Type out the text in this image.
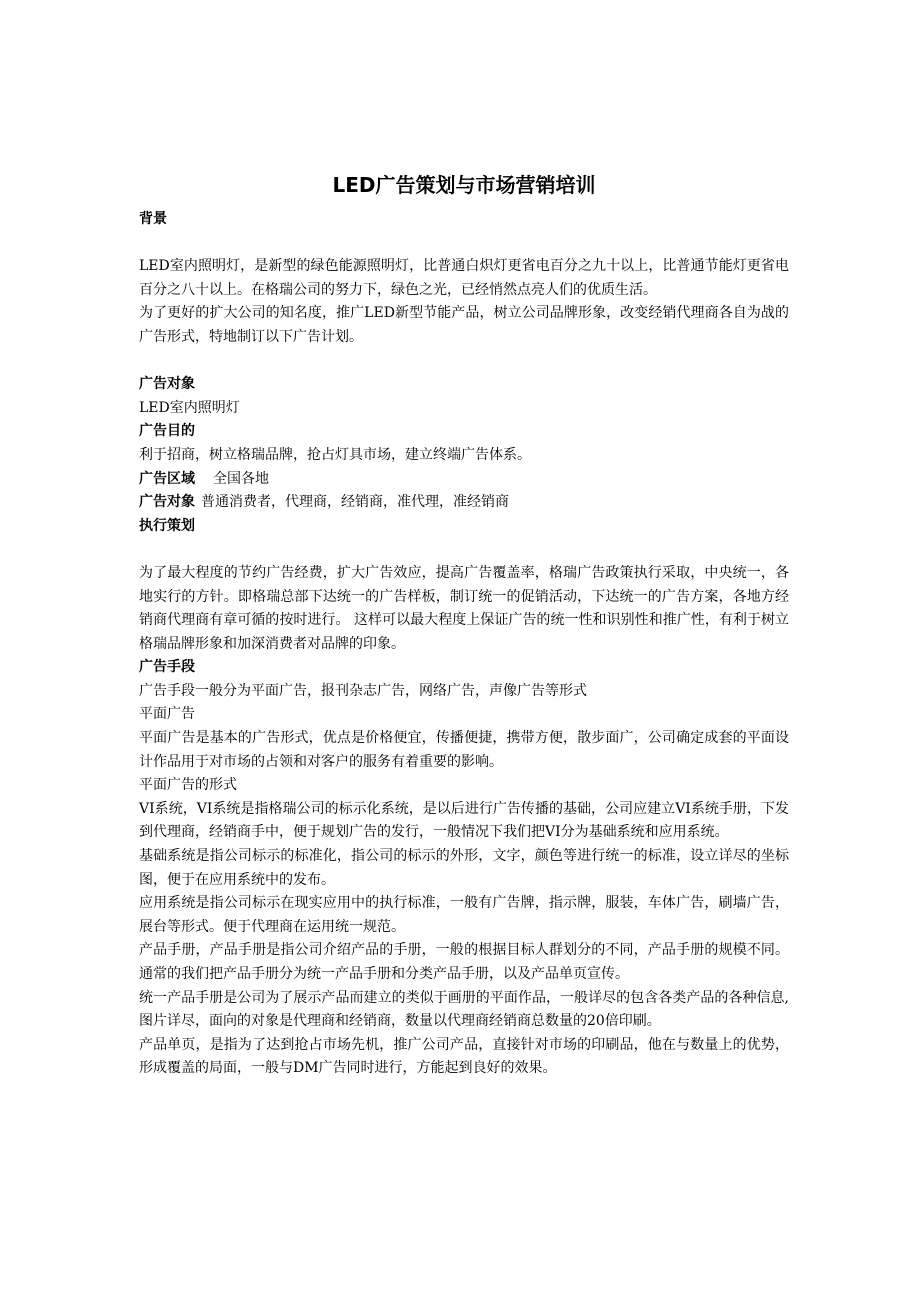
LED广告策划与市场营销培训
背景

LED室内照明灯，是新型的绿色能源照明灯，比普通白炽灯更省电百分之九十以上，比普通节能灯更省电百分之八十以上。在格瑞公司的努力下，绿色之光，已经悄然点亮人们的优质生活。

为了更好的扩大公司的知名度，推广LED新型节能产品，树立公司品牌形象，改变经销代理商各自为战的广告形式，特地制订以下广告计划。

广告对象

LED室内照明灯

广告目的

利于招商，树立格瑞品牌，抢占灯具市场，建立终端广告体系。

广告区域 全国各地

广告对象 普通消费者，代理商，经销商，准代理，准经销商

执行策划

为了最大程度的节约广告经费，扩大广告效应，提高广告覆盖率，格瑞广告政策执行采取，中央统一，各地实行的方针。即格瑞总部下达统一的广告样板，制订统一的促销活动，下达统一的广告方案，各地方经销商代理商有章可循的按时进行。 这样可以最大程度上保证广告的统一性和识别性和推广性，有利于树立格瑞品牌形象和加深消费者对品牌的印象。

广告手段

广告手段一般分为平面广告，报刊杂志广告，网络广告，声像广告等形式

平面广告

平面广告是基本的广告形式，优点是价格便宜，传播便捷，携带方便，散步面广，公司确定成套的平面设计作品用于对市场的占领和对客户的服务有着重要的影响。

平面广告的形式

VI系统，VI系统是指格瑞公司的标示化系统，是以后进行广告传播的基础，公司应建立VI系统手册，下发到代理商，经销商手中，便于规划广告的发行，一般情况下我们把VI分为基础系统和应用系统。

基础系统是指公司标示的标准化，指公司的标示的外形，文字，颜色等进行统一的标准，设立详尽的坐标图，便于在应用系统中的发布。

应用系统是指公司标示在现实应用中的执行标准，一般有广告牌，指示牌，服装，车体广告，刷墙广告，展台等形式。便于代理商在运用统一规范。

产品手册，产品手册是指公司介绍产品的手册，一般的根据目标人群划分的不同，产品手册的规模不同。通常的我们把产品手册分为统一产品手册和分类产品手册，以及产品单页宣传。

统一产品手册是公司为了展示产品而建立的类似于画册的平面作品，一般详尽的包含各类产品的各种信息,图片详尽，面向的对象是代理商和经销商，数量以代理商经销商总数量的20倍印刷。

产品单页，是指为了达到抢占市场先机，推广公司产品，直接针对市场的印刷品，他在与数量上的优势，形成覆盖的局面，一般与DM广告同时进行，方能起到良好的效果。
